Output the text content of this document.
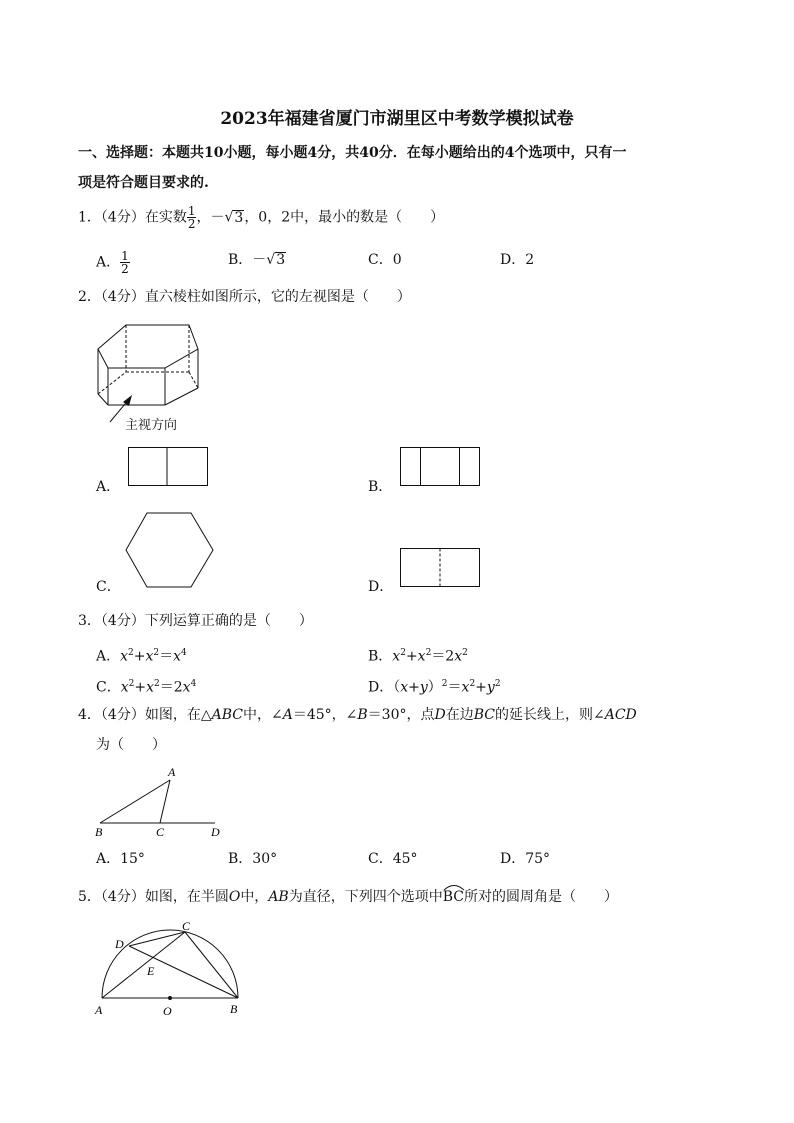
2023年福建省厦门市湖里区中考数学模拟试卷
一、选择题：本题共10小题，每小题4分，共40分．在每小题给出的4个选项中，只有一
项是符合题目要求的.
1．（4分）在实数 $\frac{1}{2}$ ，－√3，0，2中，最小的数是（　　）
A． $\frac{1}{2}$	B．－√3	C．0	D．2
2．（4分）直六棱柱如图所示，它的左视图是（　　）
主视方向
A．	B．
C．	D．
3．（4分）下列运算正确的是（　　）
A．$x^2+x^2=x^4$	B．$x^2+x^2=2x^2$
C．$x^2+x^2=2x^4$	D．$(x+y)^2=x^2+y^2$
4．（4分）如图，在△ABC中，∠A＝45°，∠B＝30°，点D在边BC的延长线上，则∠ACD
为（　　）
A
B	C	D
A．15°	B．30°	C．45°	D．75°
5．（4分）如图，在半圆O中，AB为直径，下列四个选项中
BC所对的圆周角是（　　）
C
D
E
A	O	B
